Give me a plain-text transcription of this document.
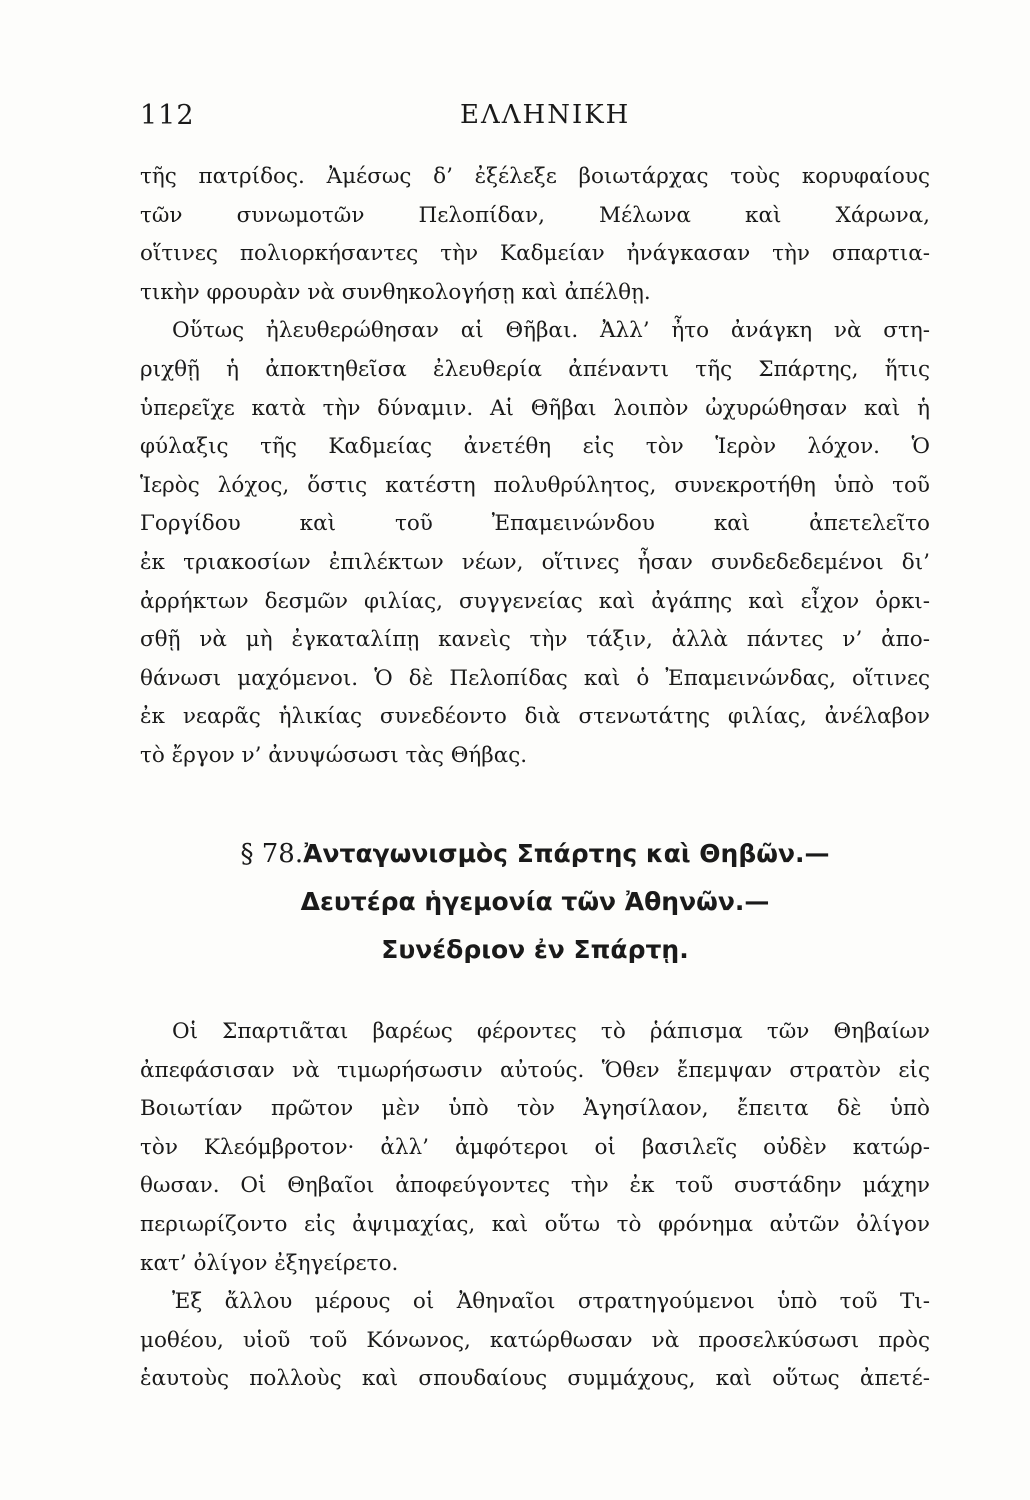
112	ΕΛΛΗΝΙΚΗ
τῆς πατρίδος. Ἀμέσως δ’ ἐξέλεξε βοιωτάρχας τοὺς κορυφαίους
τῶν συνωμοτῶν Πελοπίδαν, Μέλωνα καὶ Χάρωνα,
οἵτινες πολιορκήσαντες τὴν Καδμείαν ἠνάγκασαν τὴν σπαρτια-
τικὴν φρουρὰν νὰ συνθηκολογήσῃ καὶ ἀπέλθῃ.
Οὕτως ἠλευθερώθησαν αἱ Θῆβαι. Ἀλλ’ ἦτο ἀνάγκη νὰ στη-
ριχθῇ ἡ ἀποκτηθεῖσα ἐλευθερία ἀπέναντι τῆς Σπάρτης, ἥτις
ὑπερεῖχε κατὰ τὴν δύναμιν. Αἱ Θῆβαι λοιπὸν ὠχυρώθησαν καὶ ἡ
φύλαξις τῆς Καδμείας ἀνετέθη εἰς τὸν Ἱερὸν λόχον. Ὁ
Ἱερὸς λόχος, ὅστις κατέστη πολυθρύλητος, συνεκροτήθη ὑπὸ τοῦ
Γοργίδου καὶ τοῦ Ἐπαμεινώνδου καὶ ἀπετελεῖτο
ἐκ τριακοσίων ἐπιλέκτων νέων, οἵτινες ἦσαν συνδεδεδεμένοι δι’
ἀρρήκτων δεσμῶν φιλίας, συγγενείας καὶ ἀγάπης καὶ εἶχον ὁρκι-
σθῇ νὰ μὴ ἐγκαταλίπῃ κανεὶς τὴν τάξιν, ἀλλὰ πάντες ν’ ἀπο-
θάνωσι μαχόμενοι. Ὁ δὲ Πελοπίδας καὶ ὁ Ἐπαμεινώνδας, οἵτινες
ἐκ νεαρᾶς ἡλικίας συνεδέοντο διὰ στενωτάτης φιλίας, ἀνέλαβον
τὸ ἔργον ν’ ἀνυψώσωσι τὰς Θήβας.
§ 78.Ἀνταγωνισμὸς Σπάρτης καὶ Θηβῶν.—
Δευτέρα ἡγεμονία τῶν Ἀθηνῶν.—
Συνέδριον ἐν Σπάρτῃ.
Οἱ Σπαρτιᾶται βαρέως φέροντες τὸ ῥάπισμα τῶν Θηβαίων
ἀπεφάσισαν νὰ τιμωρήσωσιν αὐτούς. Ὅθεν ἔπεμψαν στρατὸν εἰς
Βοιωτίαν πρῶτον μὲν ὑπὸ τὸν Ἀγησίλαον, ἔπειτα δὲ ὑπὸ
τὸν Κλεόμβροτον· ἀλλ’ ἀμφότεροι οἱ βασιλεῖς οὐδὲν κατώρ-
θωσαν. Οἱ Θηβαῖοι ἀποφεύγοντες τὴν ἐκ τοῦ συστάδην μάχην
περιωρίζοντο εἰς ἀψιμαχίας, καὶ οὕτω τὸ φρόνημα αὐτῶν ὀλίγον
κατ’ ὀλίγον ἐξηγείρετο.
Ἐξ ἄλλου μέρους οἱ Ἀθηναῖοι στρατηγούμενοι ὑπὸ τοῦ Τι-
μοθέου, υἱοῦ τοῦ Κόνωνος, κατώρθωσαν νὰ προσελκύσωσι πρὸς
ἑαυτοὺς πολλοὺς καὶ σπουδαίους συμμάχους, καὶ οὕτως ἀπετέ-
